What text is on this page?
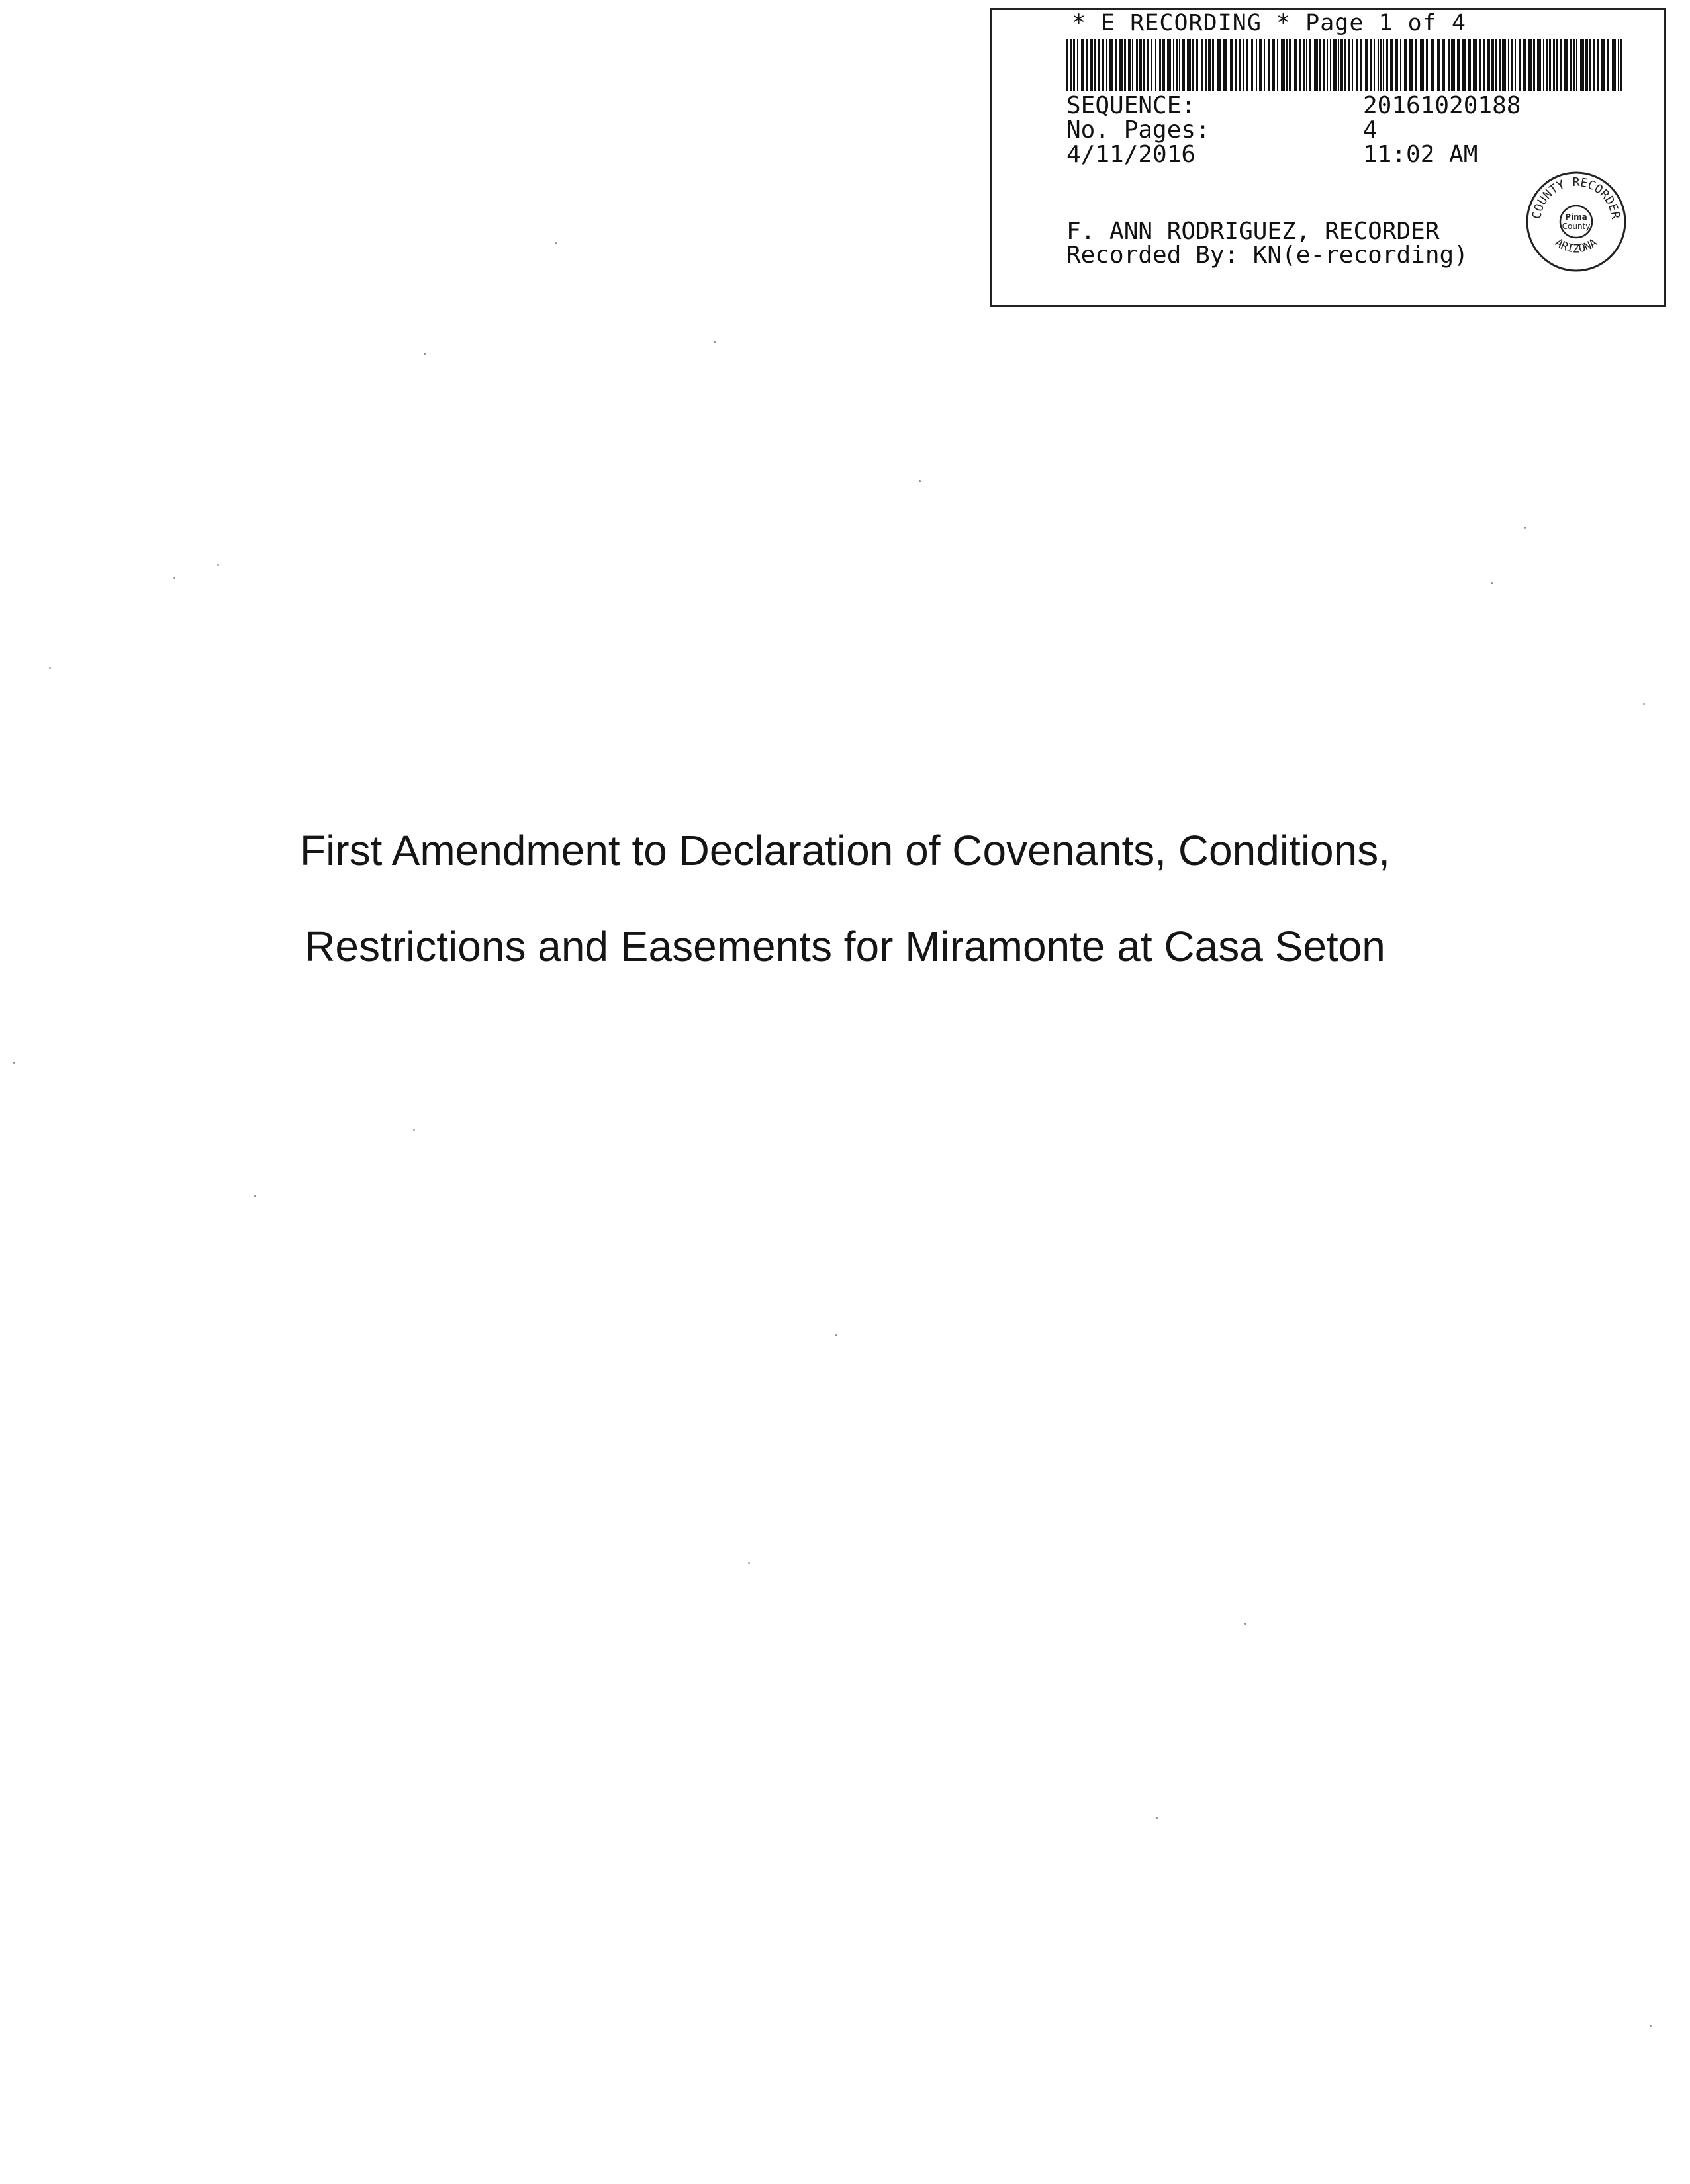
* E RECORDING * Page 1 of 4
SEQUENCE:	20161020188
No. Pages:	4
4/11/2016	11:02 AM
F. ANN RODRIGUEZ, RECORDER
Recorded By: KN(e-recording)
COUNTY RECORDER
ARIZONA
Pima
County
First Amendment to Declaration of Covenants, Conditions,
Restrictions and Easements for Miramonte at Casa Seton
